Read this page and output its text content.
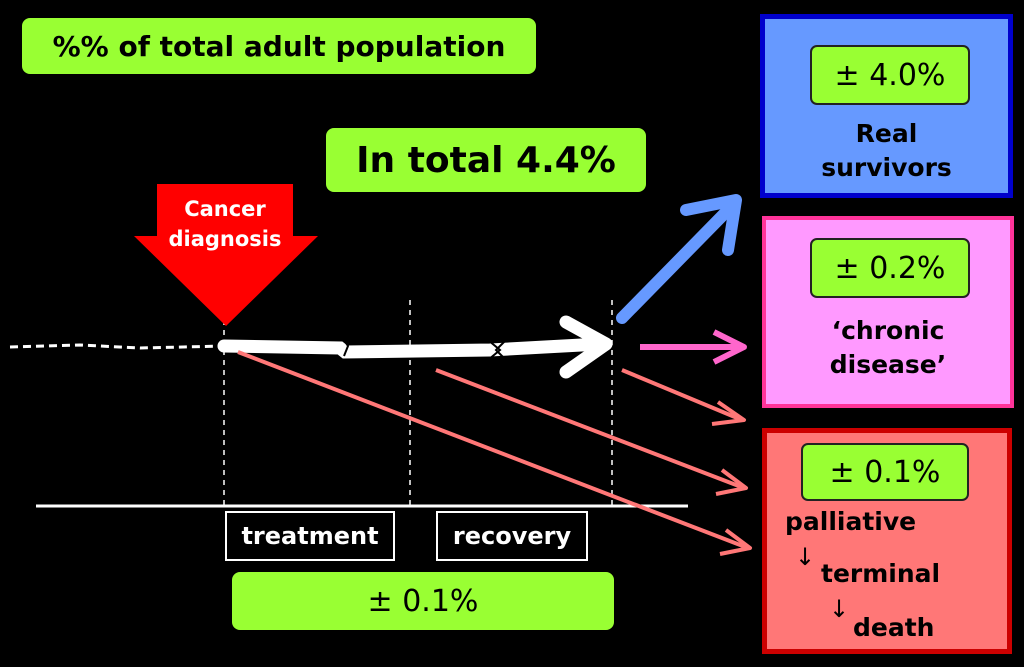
%% of total adult population
In total 4.4%
Cancer
diagnosis
treatment	recovery
± 0.1%
± 4.0%
Real
survivors
± 0.2%
‘chronic
disease’
± 0.1%
palliative
↓
terminal
↓
death
